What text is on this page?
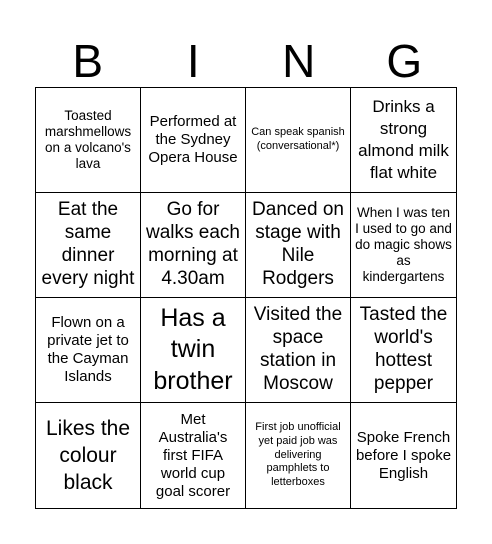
B	I	N	G
Toasted marshmellows on a volcano's lava
Performed at the Sydney Opera House
Can speak spanish (conversational*)
Drinks a strong almond milk flat white
Eat the same dinner every night
Go for walks each morning at 4.30am
Danced on stage with Nile Rodgers
When I was ten I used to go and do magic shows as kindergartens
Flown on a private jet to the Cayman Islands
Has a twin brother
Visited the space station in Moscow
Tasted the world's hottest pepper
Likes the colour black
Met Australia's first FIFA world cup goal scorer
First job unofficial yet paid job was delivering pamphlets to letterboxes
Spoke French before I spoke English
